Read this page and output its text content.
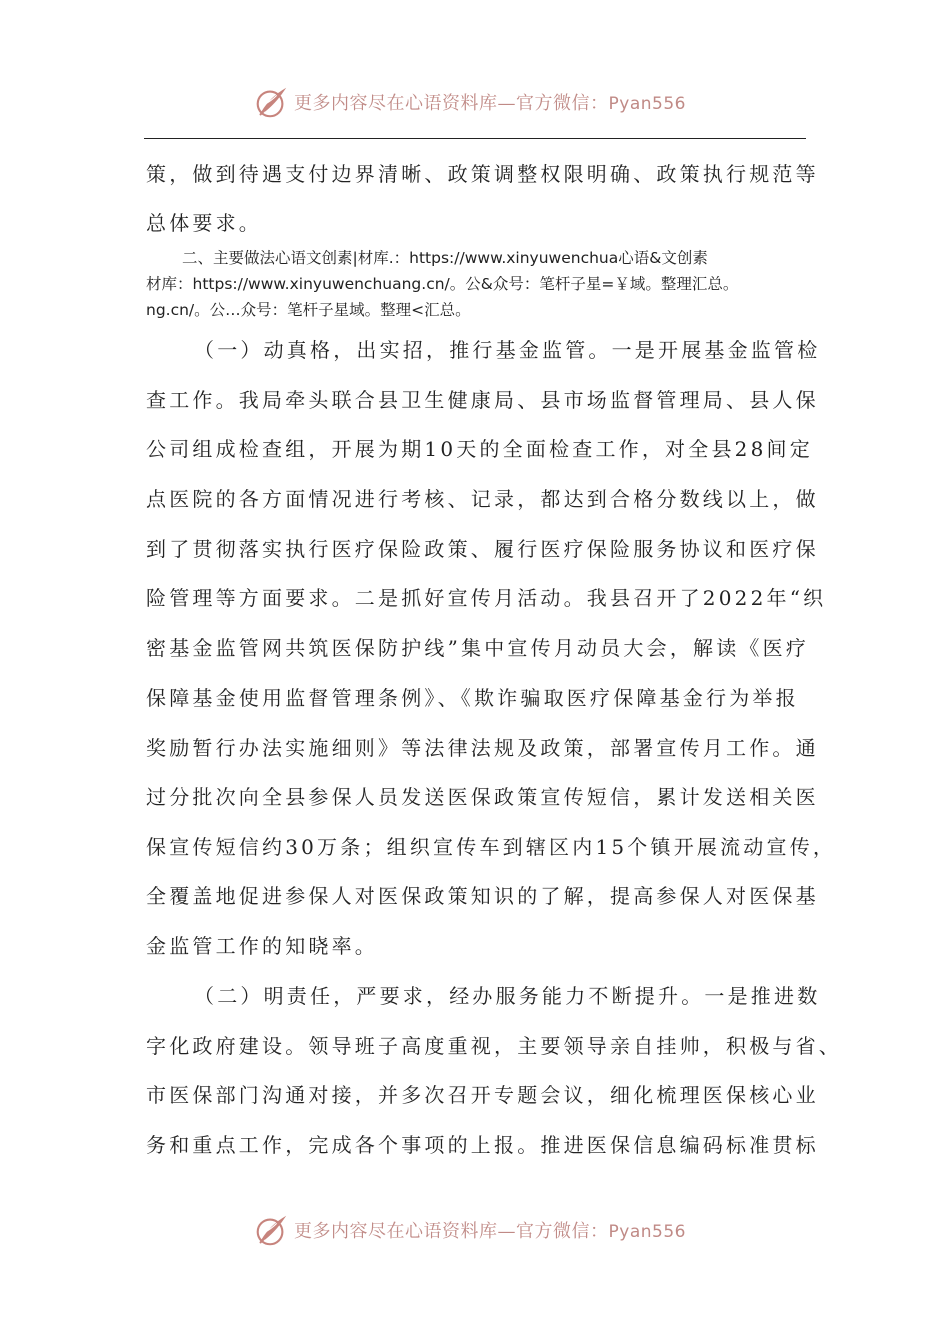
更多内容尽在心语资料库—官方微信：Pyan556
策，做到待遇支付边界清晰、政策调整权限明确、政策执行规范等
总体要求。
二、主要做法心语文创素|材库.：https://www.xinyuwenchua心语&文创素
材库：https://www.xinyuwenchuang.cn/。公&众号：笔杆子星=￥域。整理汇总。
ng.cn/。公…众号：笔杆子星域。整理<汇总。
（一）动真格，出实招，推行基金监管。一是开展基金监管检
查工作。我局牵头联合县卫生健康局、县市场监督管理局、县人保
公司组成检查组，开展为期10天的全面检查工作，对全县28间定
点医院的各方面情况进行考核、记录，都达到合格分数线以上，做
到了贯彻落实执行医疗保险政策、履行医疗保险服务协议和医疗保
险管理等方面要求。二是抓好宣传月活动。我县召开了2022年“织
密基金监管网共筑医保防护线”集中宣传月动员大会，解读《医疗
保障基金使用监督管理条例》、《欺诈骗取医疗保障基金行为举报
奖励暂行办法实施细则》等法律法规及政策，部署宣传月工作。通
过分批次向全县参保人员发送医保政策宣传短信，累计发送相关医
保宣传短信约30万条；组织宣传车到辖区内15个镇开展流动宣传，
全覆盖地促进参保人对医保政策知识的了解，提高参保人对医保基
金监管工作的知晓率。
（二）明责任，严要求，经办服务能力不断提升。一是推进数
字化政府建设。领导班子高度重视，主要领导亲自挂帅，积极与省、
市医保部门沟通对接，并多次召开专题会议，细化梳理医保核心业
务和重点工作，完成各个事项的上报。推进医保信息编码标准贯标
更多内容尽在心语资料库—官方微信：Pyan556
